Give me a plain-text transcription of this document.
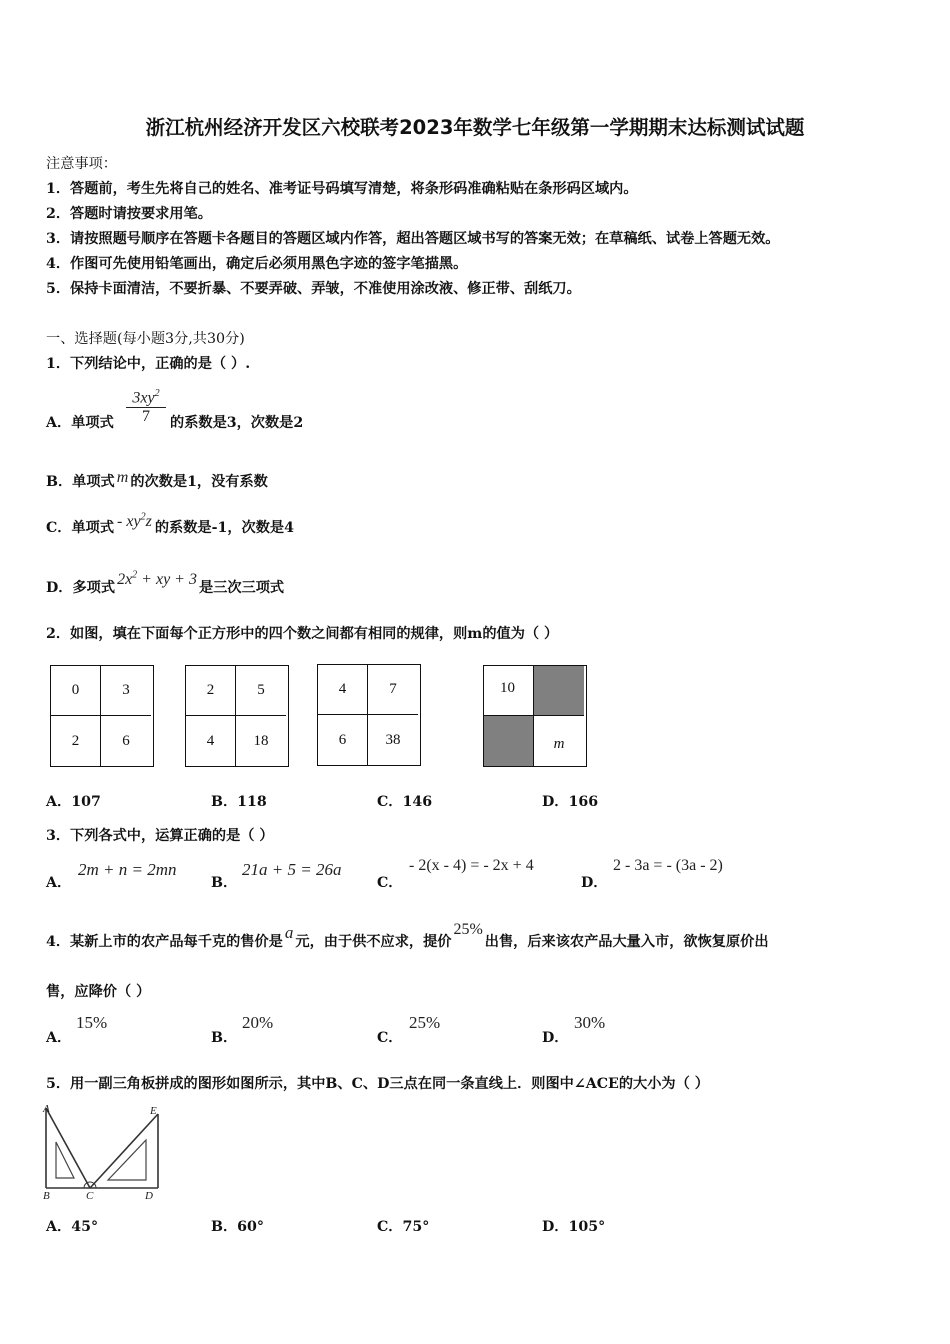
浙江杭州经济开发区六校联考2023年数学七年级第一学期期末达标测试试题
注意事项：
1．答题前，考生先将自己的姓名、准考证号码填写清楚，将条形码准确粘贴在条形码区域内。
2．答题时请按要求用笔。
3．请按照题号顺序在答题卡各题目的答题区域内作答，超出答题区域书写的答案无效；在草稿纸、试卷上答题无效。
4．作图可先使用铅笔画出，确定后必须用黑色字迹的签字笔描黑。
5．保持卡面清洁，不要折暴、不要弄破、弄皱，不准使用涂改液、修正带、刮纸刀。
一、选择题(每小题3分,共30分)
1．下列结论中，正确的是（ ）.
A．单项式
$3xy^2$
7	的系数是3，次数是2
B．单项式 m 的次数是1，没有系数
C．单项式 - $xy^2z$ 的系数是-1，次数是4
D．多项式 $2x^2$ + xy + 3 是三次三项式
2．如图，填在下面每个正方形中的四个数之间都有相同的规律，则m的值为（ ）
0	3
2	6
2	5
4	18
4	7
6	38
10
m
A．107	B．118	C．146	D．166
3．下列各式中，运算正确的是（ ）
A．
2m + n = 2mn
B．
21a + 5 = 26a
C．
- 2(x - 4) = - 2x + 4
D．
2 - 3a = - (3a - 2)
4．某新上市的农产品每千克的售价是 a 元，由于供不应求，提价25%出售，后来该农产品大量入市，欲恢复原价出
售，应降价（ ）
A．
15%
B．
20%
C．
25%
D．
30%
5．用一副三角板拼成的图形如图所示，其中B、C、D三点在同一条直线上．则图中∠ACE的大小为（ ）
A	E
B	C	D
A．45°	B．60°	C．75°	D．105°
